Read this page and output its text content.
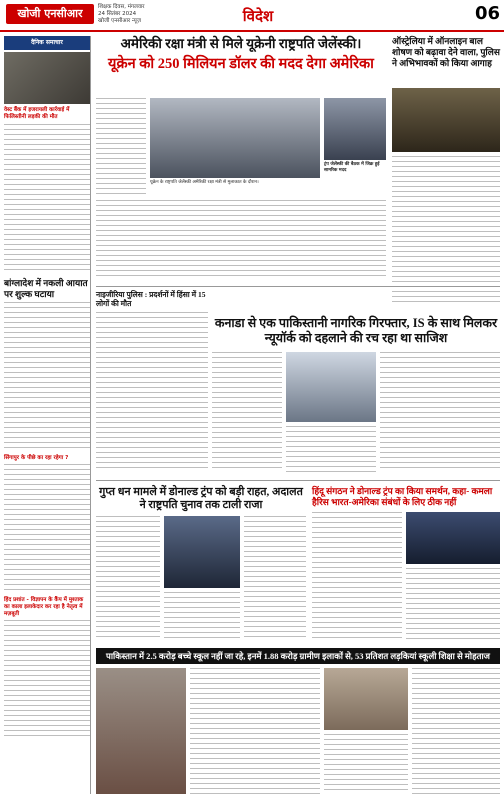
खोजी एनसीआर	शिक्षक दिवस, मंगलवार
24 सितंबर 2024
खोजी एनसीआर न्यूज़	विदेश	06
दैनिक समाचार
वेस्ट बैंक में इजरायली कार्रवाई में फिलिस्तीनी लड़की की मौत
बांग्लादेश में नकली आयात पर शुल्क घटाया
सिंगापुर के पीछे का रहा रहेगा ?
हिंद प्रशांत - विज्ञापन के कैंप में मुश्ताक का काला इलाकेदार कर रहा है नेतृत्व में मज़बूती
अमेरिकी रक्षा मंत्री से मिले यूक्रेनी राष्ट्रपति जेलेंस्की।
यूक्रेन को 250 मिलियन डॉलर की मदद देगा अमेरिका
यूक्रेन के राष्ट्रपति जेलेंस्की अमेरिकी रक्षा मंत्री से मुलाकात के दौरान।
ट्रंप जेलेंस्की की बैठक में जिक्र हुई सामरिक मदद
ऑस्ट्रेलिया में ऑनलाइन बाल शोषण को बढ़ावा देने वाला, पुलिस ने अभिभावकों को किया आगाह
नाइजीरिया पुलिस : प्रदर्शनों में हिंसा में 15 लोगों की मौत
कनाडा से एक पाकिस्तानी नागरिक गिरफ्तार, IS के साथ मिलकर न्यूयॉर्क को दहलाने की रच रहा था साजिश
गुप्त धन मामले में डोनाल्ड ट्रंप को बड़ी राहत, अदालत ने राष्ट्रपति चुनाव तक टाली राजा
हिंदू संगठन ने डोनाल्ड ट्रंप का किया समर्थन, कहा- कमला हैरिस भारत-अमेरिका संबंधों के लिए ठीक नहीं
पाकिस्तान में 2.5 करोड़ बच्चे स्कूल नहीं जा रहे, इनमें 1.88 करोड़ ग्रामीण इलाकों से, 53 प्रतिशत लड़कियां स्कूली शिक्षा से मोहताज
